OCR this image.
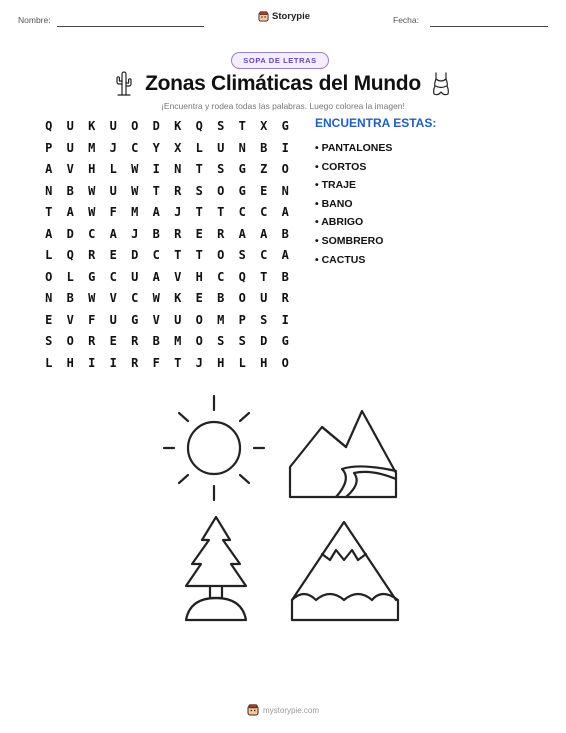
Nombre:	Storypie	Fecha:
SOPA DE LETRAS
Zonas Climáticas del Mundo
¡Encuentra y rodea todas las palabras. Luego colorea la imagen!
Q	U	K	U	O	D	K	Q	S	T	X	G
P	U	M	J	C	Y	X	L	U	N	B	I
A	V	H	L	W	I	N	T	S	G	Z	O
N	B	W	U	W	T	R	S	O	G	E	N
T	A	W	F	M	A	J	T	T	C	C	A
A	D	C	A	J	B	R	E	R	A	A	B
L	Q	R	E	D	C	T	T	O	S	C	A
O	L	G	C	U	A	V	H	C	Q	T	B
N	B	W	V	C	W	K	E	B	O	U	R
E	V	F	U	G	V	U	O	M	P	S	I
S	O	R	E	R	B	M	O	S	S	D	G
L	H	I	I	R	F	T	J	H	L	H	O
ENCUENTRA ESTAS:
• PANTALONES
• CORTOS
• TRAJE
• BANO
• ABRIGO
• SOMBRERO
• CACTUS
mystorypie.com
